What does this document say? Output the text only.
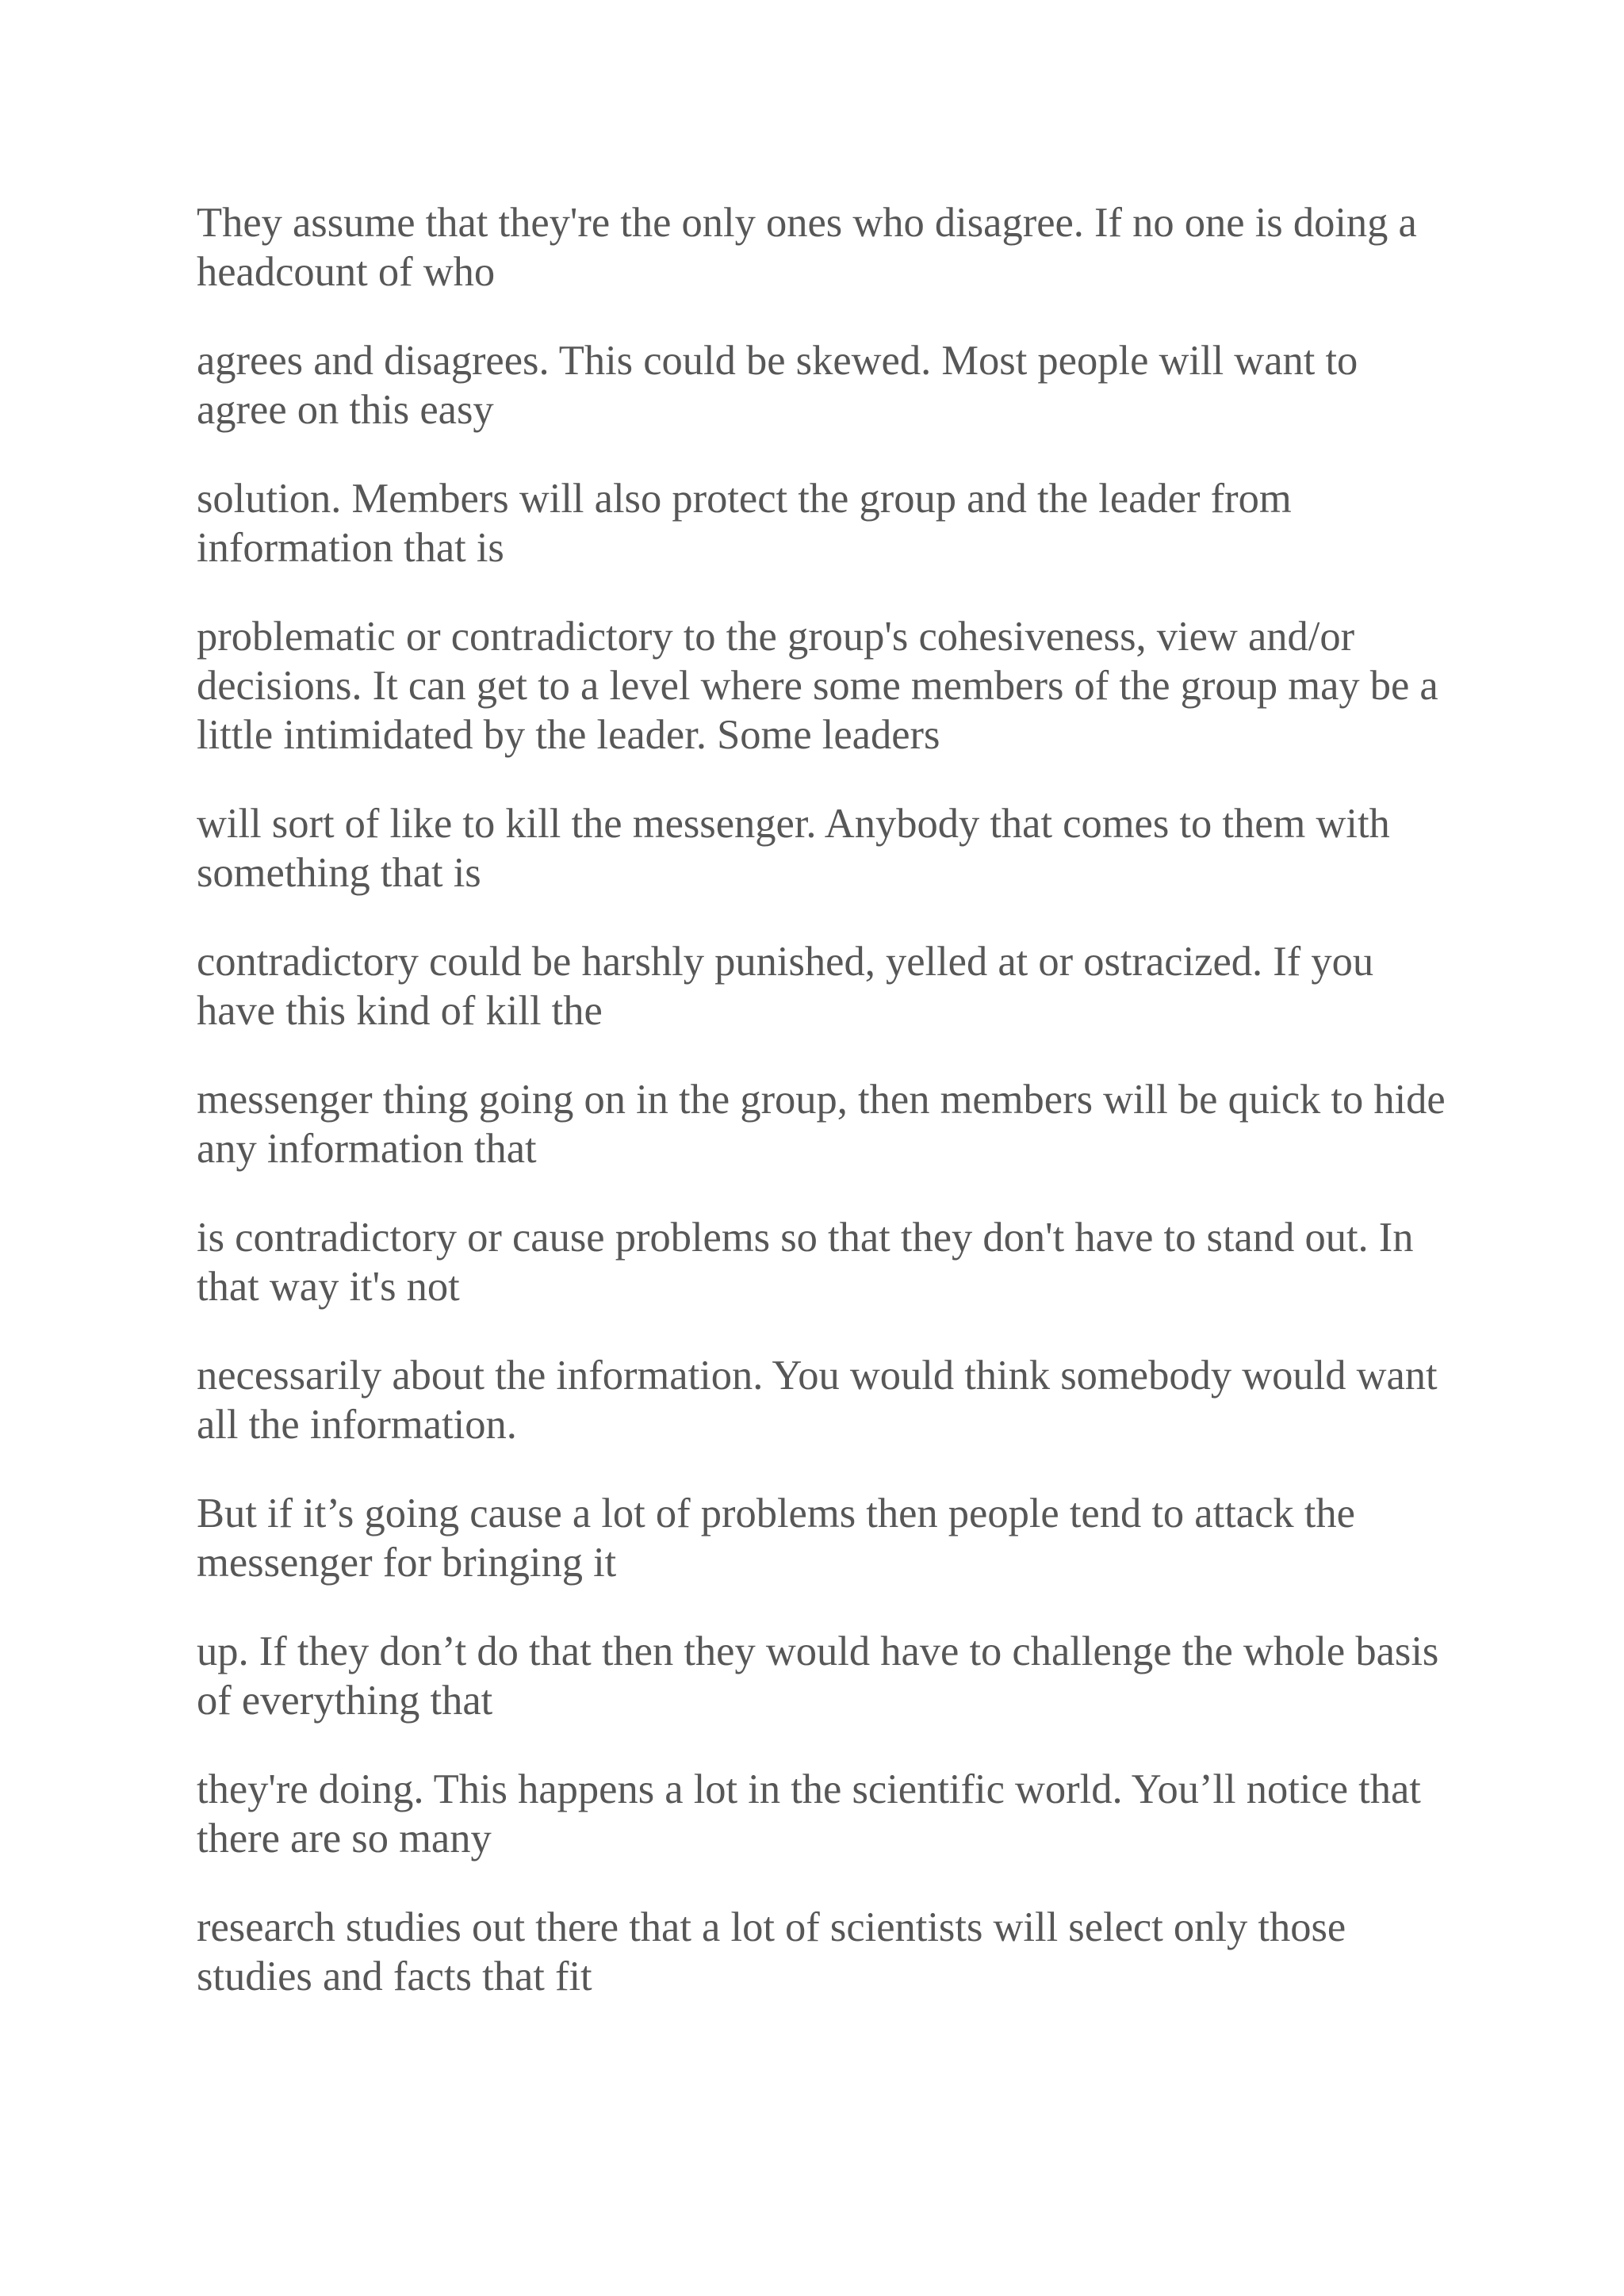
They assume that they're the only ones who disagree. If no one is doing a headcount of who

agrees and disagrees. This could be skewed. Most people will want to agree on this easy

solution. Members will also protect the group and the leader from information that is

problematic or contradictory to the group's cohesiveness, view and/or decisions. It can get to a level where some members of the group may be a little intimidated by the leader. Some leaders

will sort of like to kill the messenger. Anybody that comes to them with something that is

contradictory could be harshly punished, yelled at or ostracized. If you have this kind of kill the

messenger thing going on in the group, then members will be quick to hide any information that

is contradictory or cause problems so that they don't have to stand out. In that way it's not

necessarily about the information. You would think somebody would want all the information.

But if it’s going cause a lot of problems then people tend to attack the messenger for bringing it

up. If they don’t do that then they would have to challenge the whole basis of everything that

they're doing. This happens a lot in the scientific world. You’ll notice that there are so many

research studies out there that a lot of scientists will select only those studies and facts that fit
